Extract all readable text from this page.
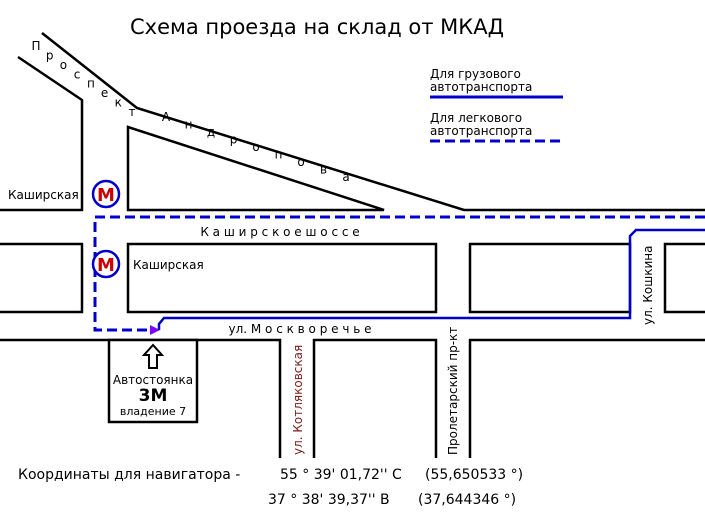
Схема проезда на склад от МКАД
Для грузового автотранспорта
Для легкового автотранспорта
П
р
о
с
п
е
к
т А
н
д
р
о
п
о
в
а
К а ш и р с к о е ш о с с е
ул. М о с к в о р е ч ь е
ул. Котляковская	Пролетарский пр-кт
ул. Кошкина
М
Каширская
М Каширская
Автостоянка
3М
владение 7
Координаты для навигатора -	55 ° 39' 01,72'' С (55,650533 °)
37 ° 38' 39,37'' В (37,644346 °)
